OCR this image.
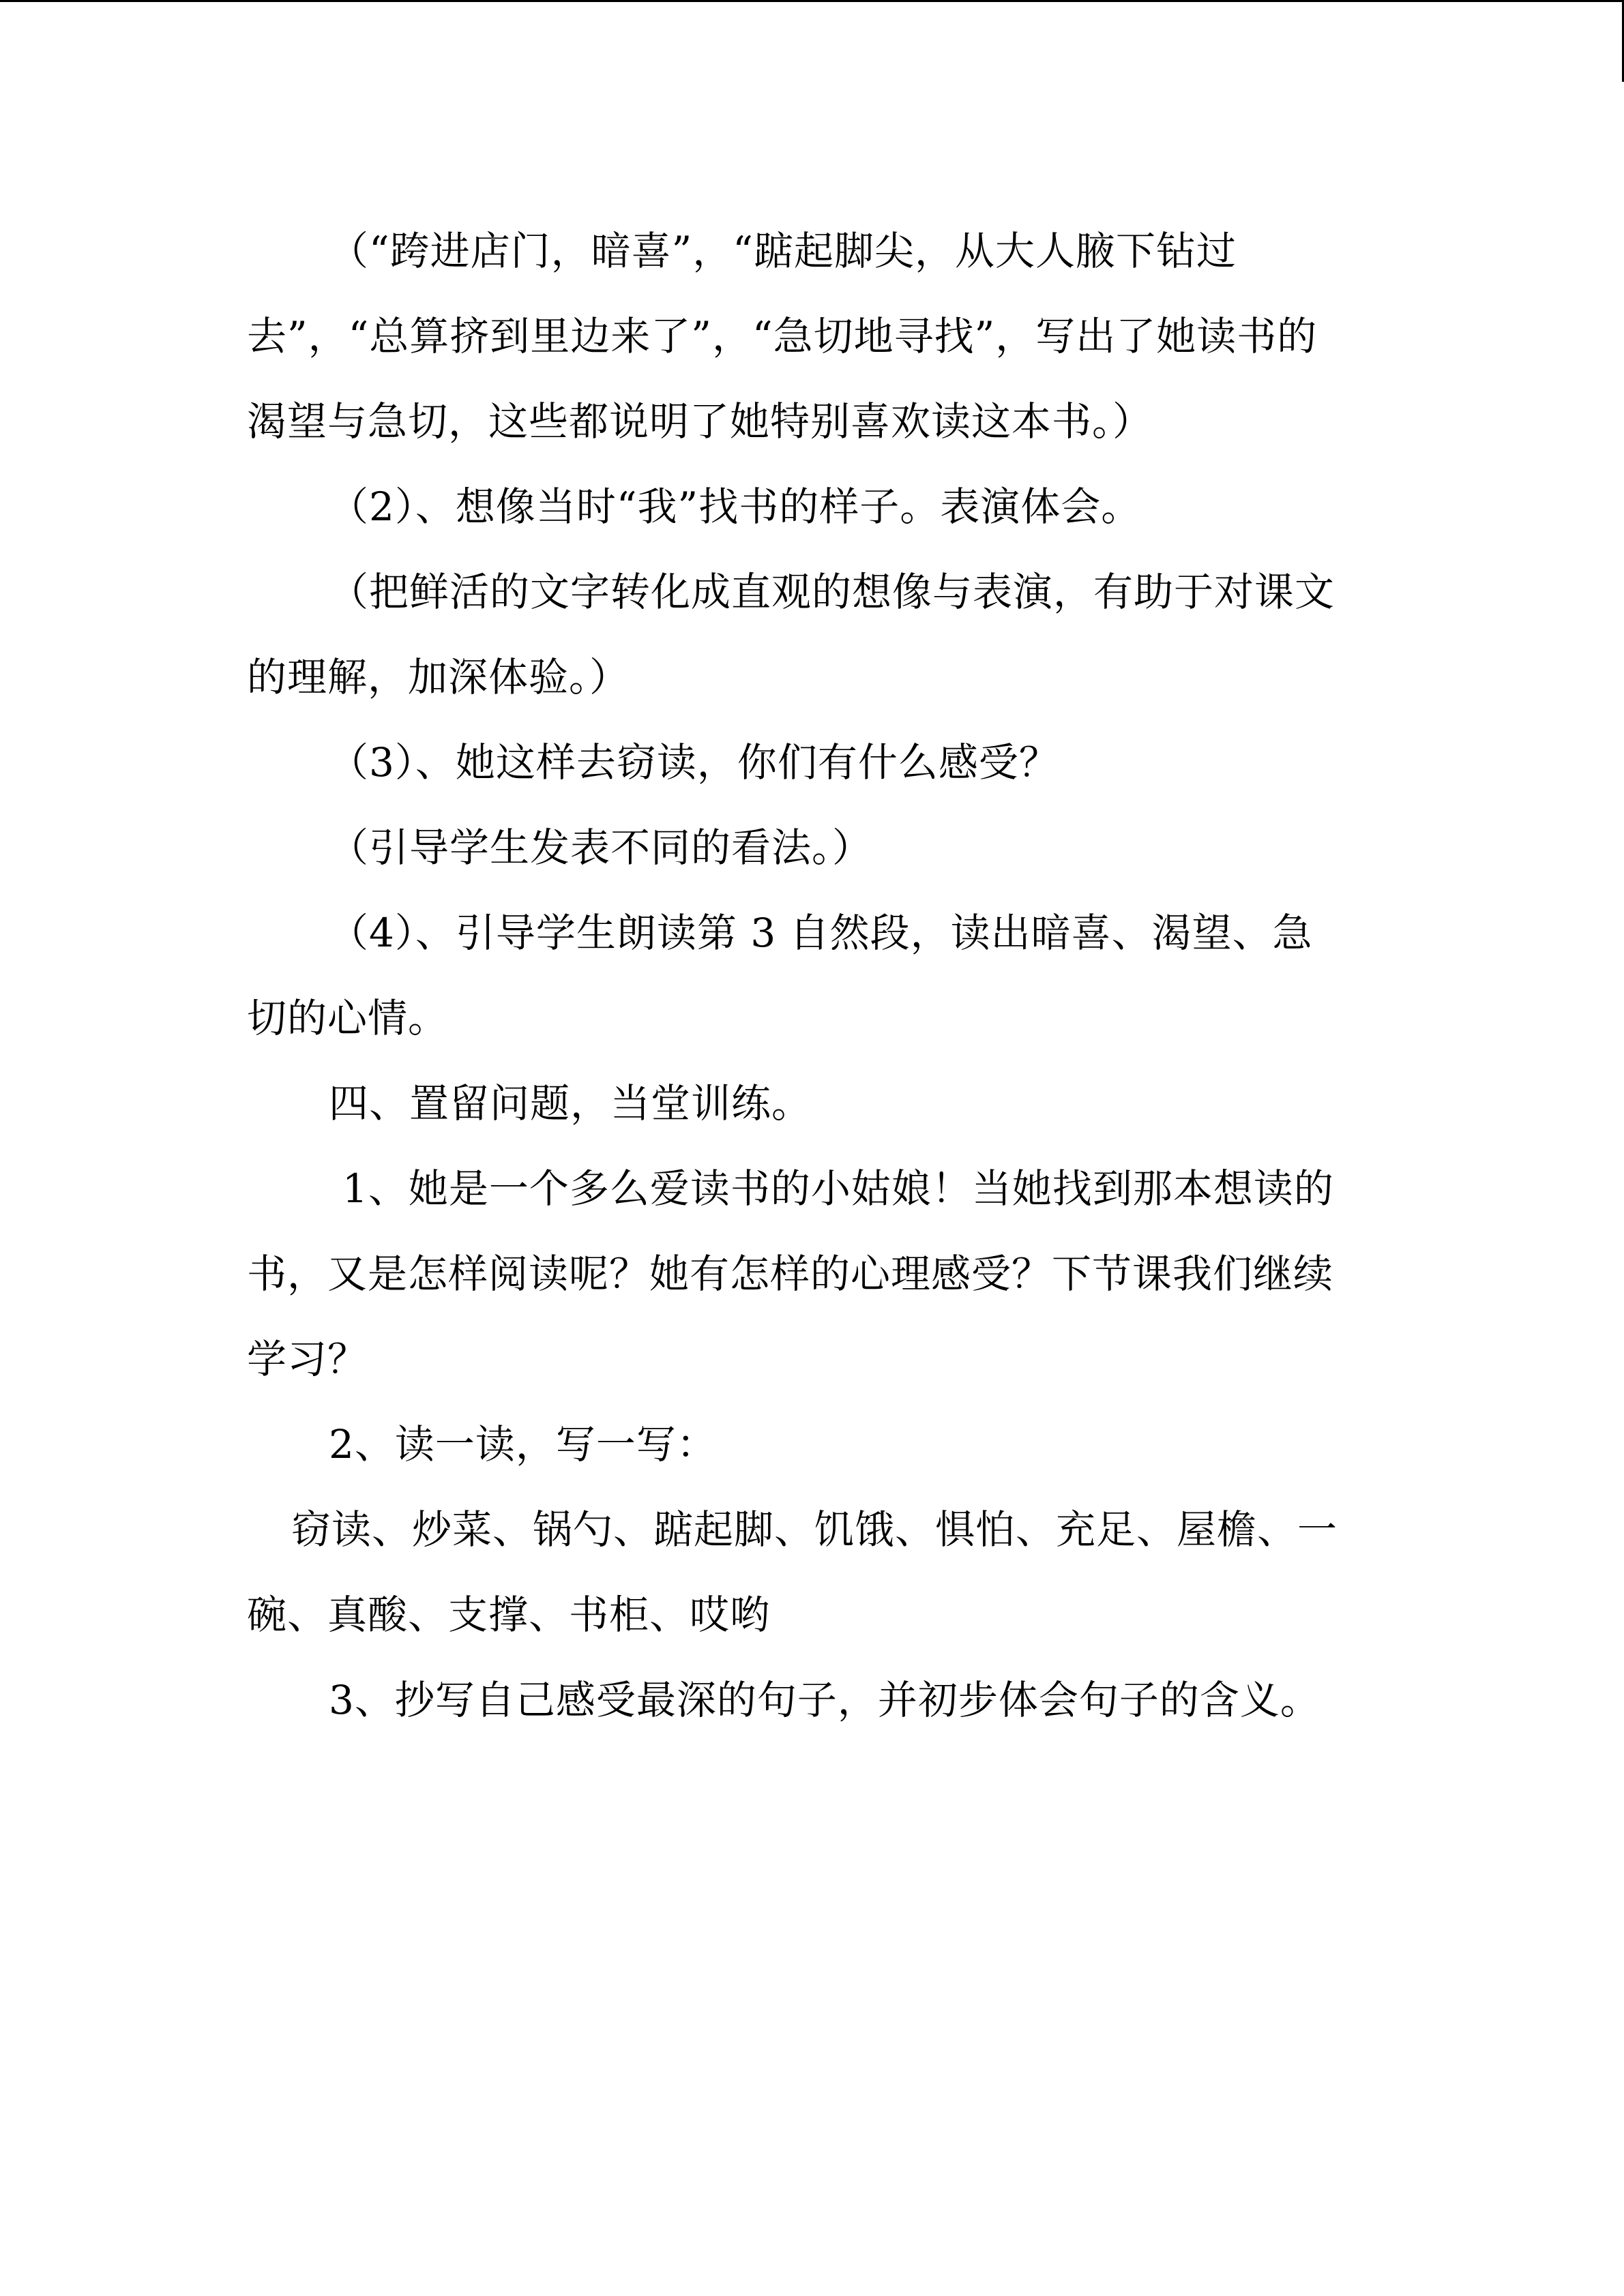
（“跨进店门，暗喜”，“踮起脚尖，从大人腋下钻过去”，“总算挤到里边来了”，“急切地寻找”，写出了她读书的渴望与急切，这些都说明了她特别喜欢读这本书。）

（2）、想像当时“我”找书的样子。表演体会。

（把鲜活的文字转化成直观的想像与表演，有助于对课文的理解，加深体验。）

（3）、她这样去窃读，你们有什么感受？

（引导学生发表不同的看法。）

（4）、引导学生朗读第 3 自然段，读出暗喜、渴望、急切的心情。

四、置留问题，当堂训练。

1、她是一个多么爱读书的小姑娘！当她找到那本想读的书，又是怎样阅读呢？她有怎样的心理感受？下节课我们继续学习？

2、读一读，写一写：

窃读、炒菜、锅勺、踮起脚、饥饿、惧怕、充足、屋檐、一碗、真酸、支撑、书柜、哎哟

3、抄写自己感受最深的句子，并初步体会句子的含义。
